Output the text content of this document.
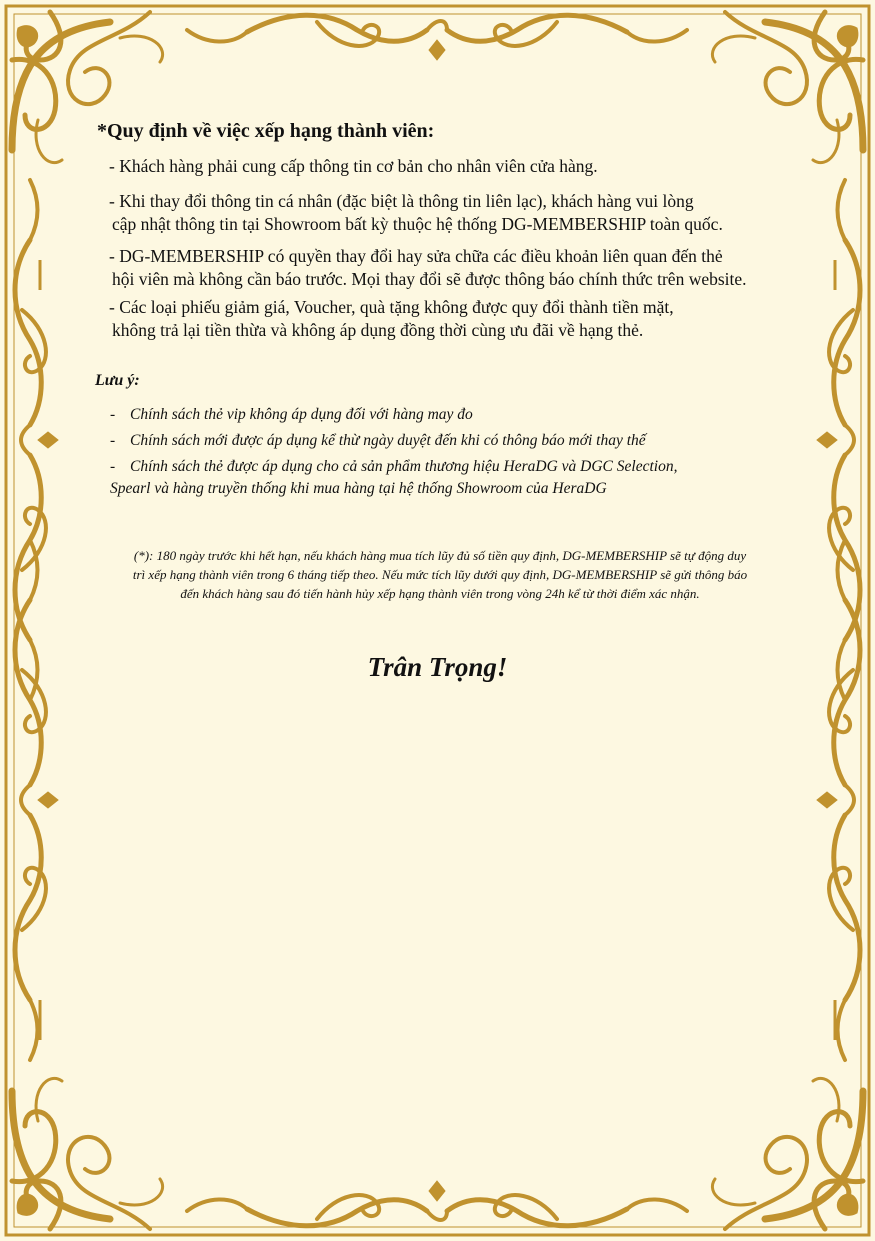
*Quy định về việc xếp hạng thành viên:
- Khách hàng phải cung cấp thông tin cơ bản cho nhân viên cửa hàng.
- Khi thay đổi thông tin cá nhân (đặc biệt là thông tin liên lạc), khách hàng vui lòng
cập nhật thông tin tại Showroom bất kỳ thuộc hệ thống DG-MEMBERSHIP toàn quốc.
- DG-MEMBERSHIP có quyền thay đổi hay sửa chữa các điều khoản liên quan đến thẻ
hội viên mà không cần báo trước. Mọi thay đổi sẽ được thông báo chính thức trên website.
- Các loại phiếu giảm giá, Voucher, quà tặng không được quy đổi thành tiền mặt,
không trả lại tiền thừa và không áp dụng đồng thời cùng ưu đãi về hạng thẻ.
Lưu ý:
- Chính sách thẻ vip không áp dụng đối với hàng may đo
- Chính sách mới được áp dụng kể thừ ngày duyệt đến khi có thông báo mới thay thế
- Chính sách thẻ được áp dụng cho cả sản phẩm thương hiệu HeraDG và DGC Selection,
Spearl và hàng truyền thống khi mua hàng tại hệ thống Showroom của HeraDG
(*): 180 ngày trước khi hết hạn, nếu khách hàng mua tích lũy đủ số tiền quy định, DG-MEMBERSHIP sẽ tự động duy
trì xếp hạng thành viên trong 6 tháng tiếp theo. Nếu mức tích lũy dưới quy định, DG-MEMBERSHIP sẽ gửi thông báo
đến khách hàng sau đó tiến hành hủy xếp hạng thành viên trong vòng 24h kể từ thời điểm xác nhận.
Trân Trọng!
